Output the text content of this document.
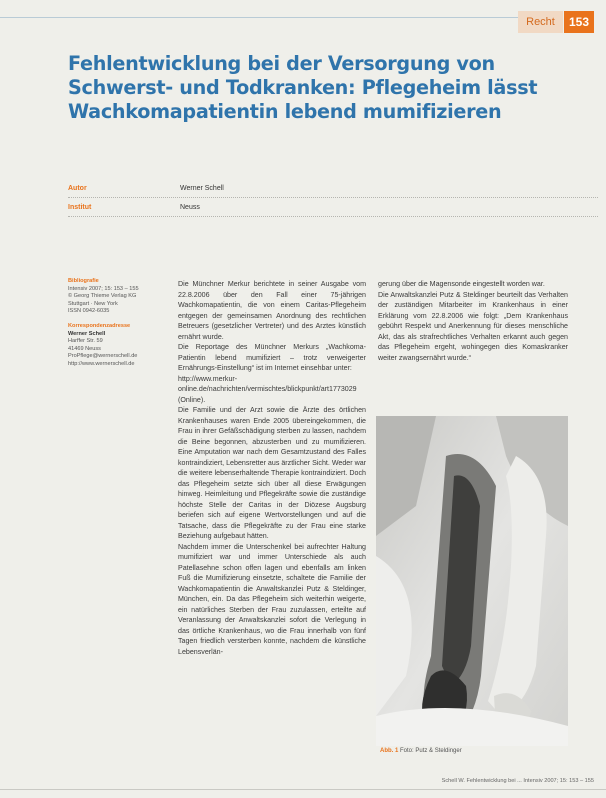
Recht	153
Fehlentwicklung bei der Versorgung von
Schwerst- und Todkranken: Pflegeheim lässt
Wachkomapatientin lebend mumifizieren
Autor	Werner Schell
Institut	Neuss

Bibliografie

Intensiv 2007; 15: 153 – 155

© Georg Thieme Verlag KG

Stuttgart · New York

ISSN 0942-6035

Korrespondenzadresse

Werner Schell

Harffer Str. 59

41469 Neuss

ProPflege@wernerschell.de

http://www.wernerschell.de

Die Münchner Merkur berichtete in seiner Ausgabe vom 22.8.2006 über den Fall einer 75-jährigen Wachkomapatientin, die von einem Caritas-Pflegeheim entgegen der gemeinsamen Anordnung des rechtlichen Betreuers (gesetzlicher Vertreter) und des Arztes künstlich ernährt wurde.

Die Reportage des Münchner Merkurs „Wachkoma-Patientin lebend mumifiziert – trotz verweigerter Ernährungs-Einstellung“ ist im Internet einsehbar unter:

http://www.merkur-online.de/nachrichten/vermischtes/blickpunkt/art1773029 (Online).

Die Familie und der Arzt sowie die Ärzte des örtlichen Krankenhauses waren Ende 2005 übereingekommen, die Frau in ihrer Gefäßschädigung sterben zu lassen, nachdem die Beine begonnen, abzusterben und zu mumifizieren. Eine Amputation war nach dem Gesamtzustand des Falles kontraindiziert, Lebensretter aus ärztlicher Sicht. Weder war die weitere lebenserhaltende Therapie kontraindiziert. Doch das Pflegeheim setzte sich über all diese Erwägungen hinweg. Heimleitung und Pflegekräfte sowie die zuständige höchste Stelle der Caritas in der Diözese Augsburg beriefen sich auf eigene Wertvorstellungen und auf die Tatsache, dass die Pflegekräfte zu der Frau eine starke Beziehung aufgebaut hätten.

Nachdem immer die Unterschenkel bei aufrechter Haltung mumifiziert war und immer Unterschiede als auch Patellasehne schon offen lagen und ebenfalls am linken Fuß die Mumifizierung einsetzte, schaltete die Familie der Wachkomapatientin die Anwaltskanzlei Putz & Steldinger, München, ein. Da das Pflegeheim sich weiterhin weigerte, ein natürliches Sterben der Frau zuzulassen, erteilte auf Veranlassung der Anwaltskanzlei sofort die Verlegung in das örtliche Krankenhaus, wo die Frau innerhalb von fünf Tagen friedlich versterben konnte, nachdem die künstliche Lebensverlän-

gerung über die Magensonde eingestellt worden war.

Die Anwaltskanzlei Putz & Steldinger beurteilt das Verhalten der zuständigen Mitarbeiter im Krankenhaus in einer Erklärung vom 22.8.2006 wie folgt: „Dem Krankenhaus gebührt Respekt und Anerkennung für dieses menschliche Akt, das als strafrechtliches Verhalten erkannt auch gegen das Pflegeheim ergeht, wohingegen dies Komaskranker weiter zwangsernährt wurde.“

Abb. 1 Foto: Putz & Steldinger
Schell W. Fehlentwicklung bei ... Intensiv 2007; 15: 153 – 155
